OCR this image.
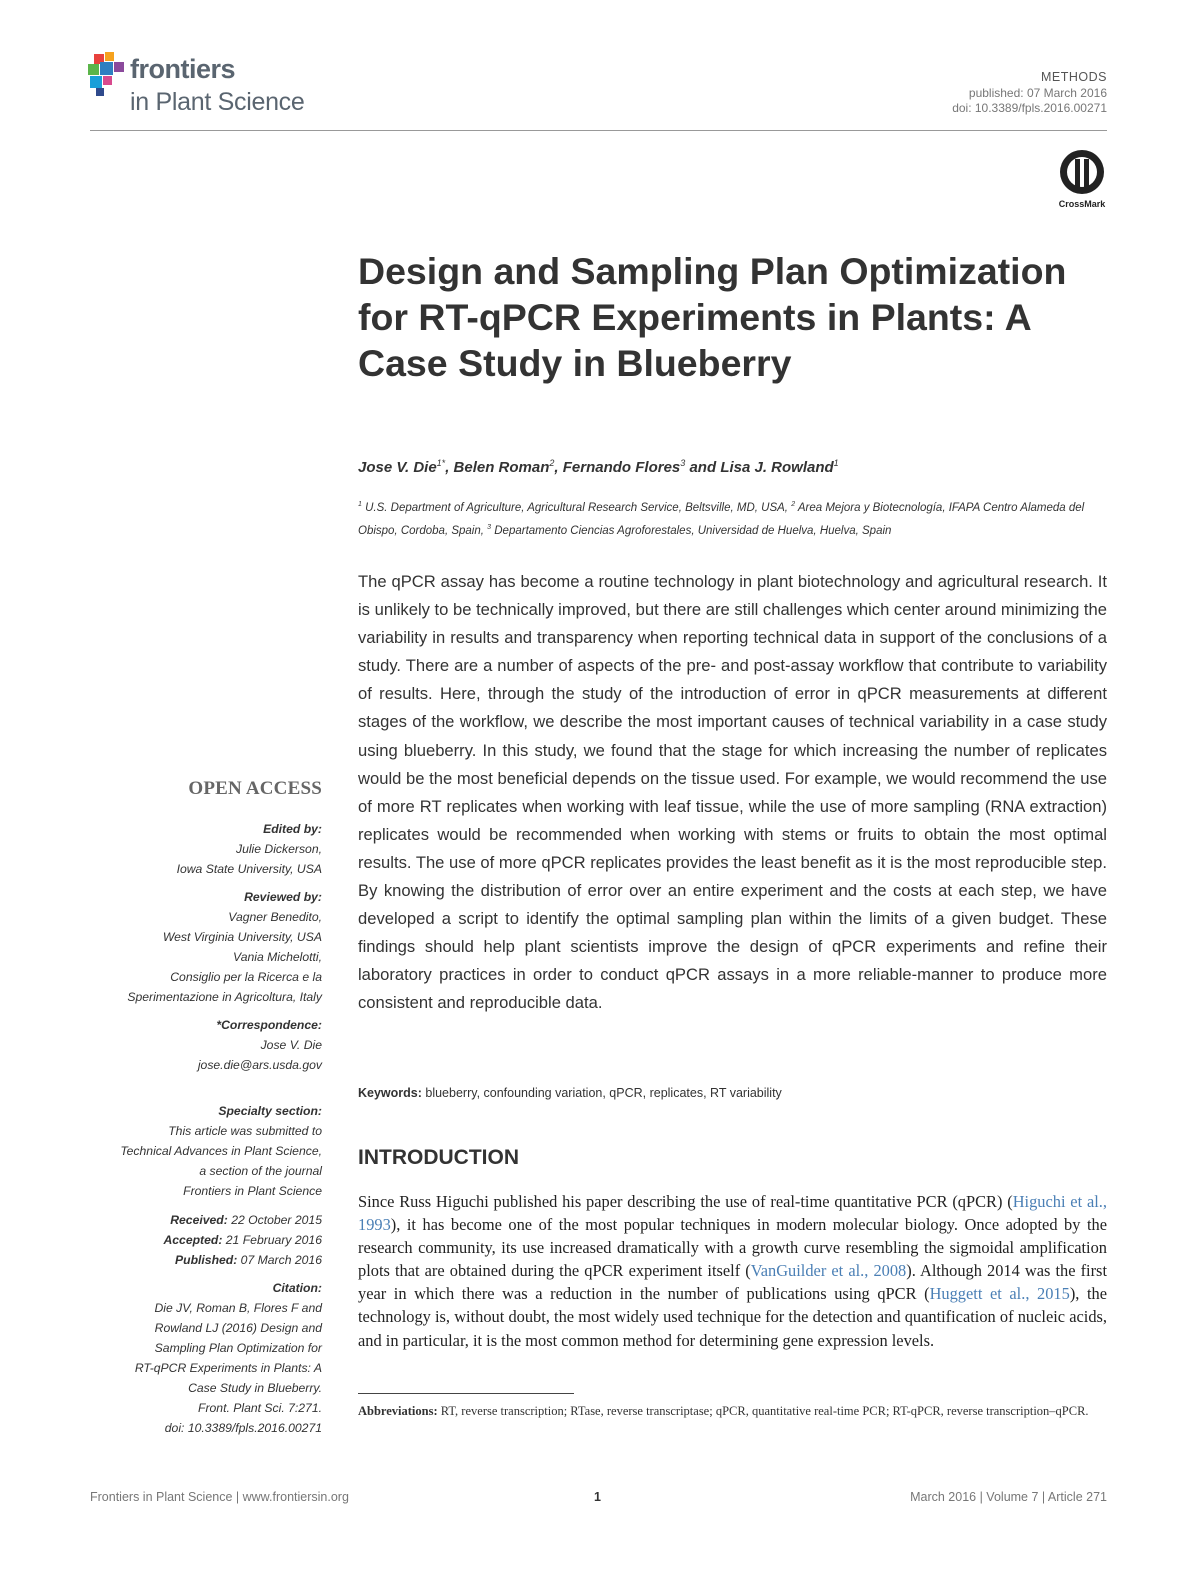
frontiers
in Plant Science
METHODS
published: 07 March 2016
doi: 10.3389/fpls.2016.00271
CrossMark
Design and Sampling Plan Optimization for RT-qPCR Experiments in Plants: A Case Study in Blueberry
Jose V. Die$^{1*}$, Belen Roman$^2$, Fernando Flores$^3$ and Lisa J. Rowland$^1$
$^1$ U.S. Department of Agriculture, Agricultural Research Service, Beltsville, MD, USA, $^2$ Area Mejora y Biotecnología, IFAPA Centro Alameda del Obispo, Cordoba, Spain, $^3$ Departamento Ciencias Agroforestales, Universidad de Huelva, Huelva, Spain
The qPCR assay has become a routine technology in plant biotechnology and agricultural research. It is unlikely to be technically improved, but there are still challenges which center around minimizing the variability in results and transparency when reporting technical data in support of the conclusions of a study. There are a number of aspects of the pre- and post-assay workflow that contribute to variability of results. Here, through the study of the introduction of error in qPCR measurements at different stages of the workflow, we describe the most important causes of technical variability in a case study using blueberry. In this study, we found that the stage for which increasing the number of replicates would be the most beneficial depends on the tissue used. For example, we would recommend the use of more RT replicates when working with leaf tissue, while the use of more sampling (RNA extraction) replicates would be recommended when working with stems or fruits to obtain the most optimal results. The use of more qPCR replicates provides the least benefit as it is the most reproducible step. By knowing the distribution of error over an entire experiment and the costs at each step, we have developed a script to identify the optimal sampling plan within the limits of a given budget. These findings should help plant scientists improve the design of qPCR experiments and refine their laboratory practices in order to conduct qPCR assays in a more reliable-manner to produce more consistent and reproducible data.
Keywords: blueberry, confounding variation, qPCR, replicates, RT variability
INTRODUCTION
Since Russ Higuchi published his paper describing the use of real-time quantitative PCR (qPCR) (Higuchi et al., 1993), it has become one of the most popular techniques in modern molecular biology. Once adopted by the research community, its use increased dramatically with a growth curve resembling the sigmoidal amplification plots that are obtained during the qPCR experiment itself (VanGuilder et al., 2008). Although 2014 was the first year in which there was a reduction in the number of publications using qPCR (Huggett et al., 2015), the technology is, without doubt, the most widely used technique for the detection and quantification of nucleic acids, and in particular, it is the most common method for determining gene expression levels.
Abbreviations: RT, reverse transcription; RTase, reverse transcriptase; qPCR, quantitative real-time PCR; RT-qPCR, reverse transcription–qPCR.
OPEN ACCESS
Edited by:
Julie Dickerson,
Iowa State University, USA
Reviewed by:
Vagner Benedito,
West Virginia University, USA
Vania Michelotti,
Consiglio per la Ricerca e la
Sperimentazione in Agricoltura, Italy
*Correspondence:
Jose V. Die
jose.die@ars.usda.gov
Specialty section:
This article was submitted to
Technical Advances in Plant Science,
a section of the journal
Frontiers in Plant Science
Received: 22 October 2015
Accepted: 21 February 2016
Published: 07 March 2016
Citation:
Die JV, Roman B, Flores F and
Rowland LJ (2016) Design and
Sampling Plan Optimization for
RT-qPCR Experiments in Plants: A
Case Study in Blueberry.
Front. Plant Sci. 7:271.
doi: 10.3389/fpls.2016.00271
Frontiers in Plant Science | www.frontiersin.org	1	March 2016 | Volume 7 | Article 271
